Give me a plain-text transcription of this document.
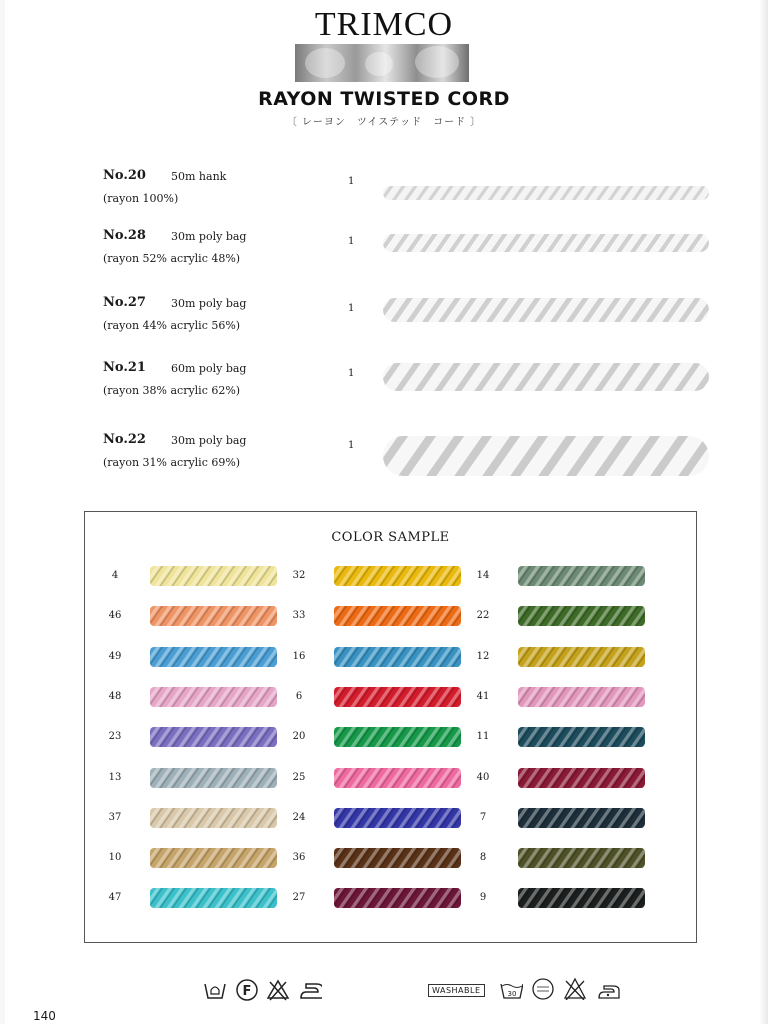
TRIMCO
RAYON TWISTED CORD
〔 レーヨン　ツイステッド　コード 〕
No.20 50m hank
(rayon 100%)
1
No.28 30m poly bag
(rayon 52% acrylic 48%)
1
No.27 30m poly bag
(rayon 44% acrylic 56%)
1
No.21 60m poly bag
(rayon 38% acrylic 62%)
1
No.22 30m poly bag
(rayon 31% acrylic 69%)
1
COLOR SAMPLE
4
46
49
48
23
13
37
10
47
32
33
16
6
20
25
24
36
27
14
22
12
41
11
40
7
8
9
F	WASHABLE	30
140
